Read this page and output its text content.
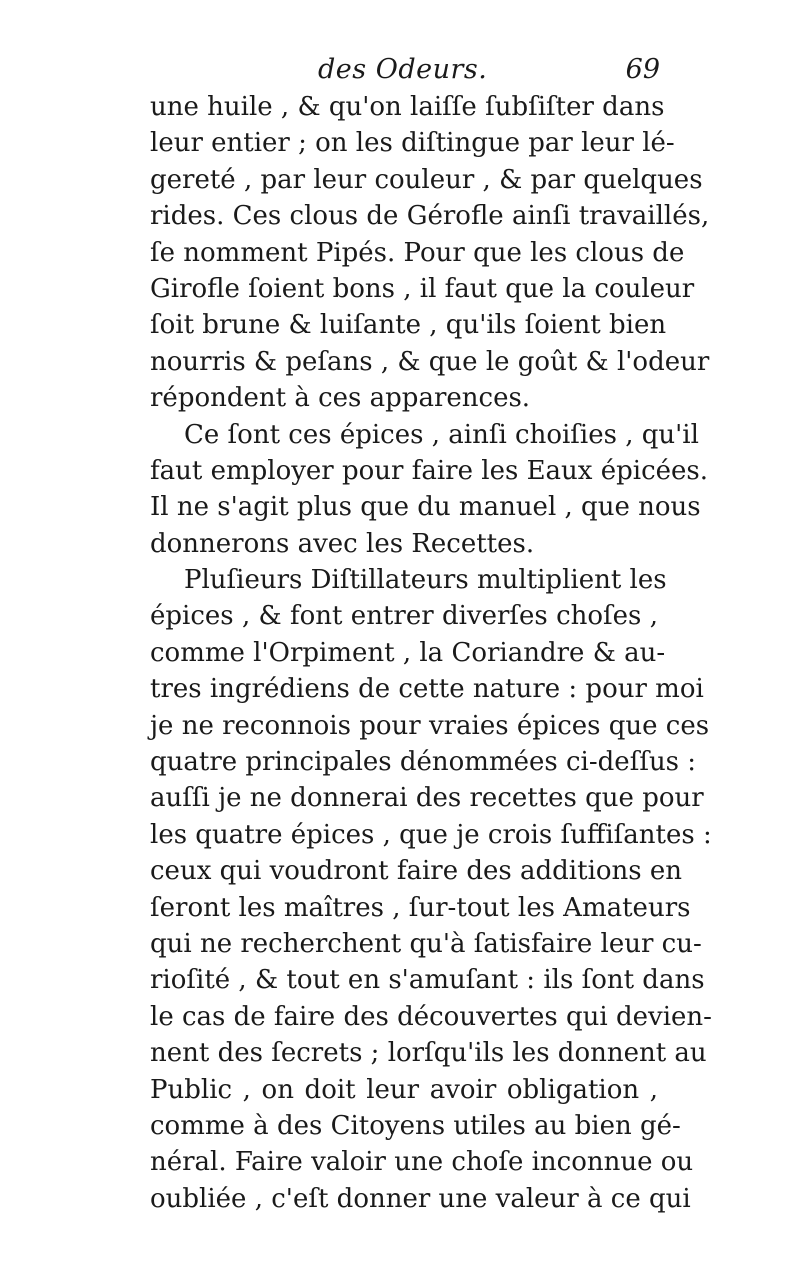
des Odeurs.	69
une huile , & qu'on laiſſe ſubſiſter dans
leur entier ; on les diſtingue par leur lé-
gereté , par leur couleur , & par quelques
rides. Ces clous de Gérofle ainſi travaillés,
ſe nomment Pipés. Pour que les clous de
Girofle ſoient bons , il faut que la couleur
ſoit brune & luiſante , qu'ils ſoient bien
nourris & peſans , & que le goût & l'odeur
répondent à ces apparences.
Ce ſont ces épices , ainſi choiſies , qu'il
faut employer pour faire les Eaux épicées.
Il ne s'agit plus que du manuel , que nous
donnerons avec les Recettes.
Pluſieurs Diſtillateurs multiplient les
épices , & font entrer diverſes choſes ,
comme l'Orpiment , la Coriandre & au-
tres ingrédiens de cette nature : pour moi
je ne reconnois pour vraies épices que ces
quatre principales dénommées ci-deſſus :
auſſi je ne donnerai des recettes que pour
les quatre épices , que je crois ſuffiſantes :
ceux qui voudront faire des additions en
ſeront les maîtres , ſur-tout les Amateurs
qui ne recherchent qu'à ſatisfaire leur cu-
rioſité , & tout en s'amuſant : ils ſont dans
le cas de faire des découvertes qui devien-
nent des ſecrets ; lorſqu'ils les donnent au
Public , on doit leur avoir obligation ,
comme à des Citoyens utiles au bien gé-
néral. Faire valoir une choſe inconnue ou
oubliée , c'eſt donner une valeur à ce qui
